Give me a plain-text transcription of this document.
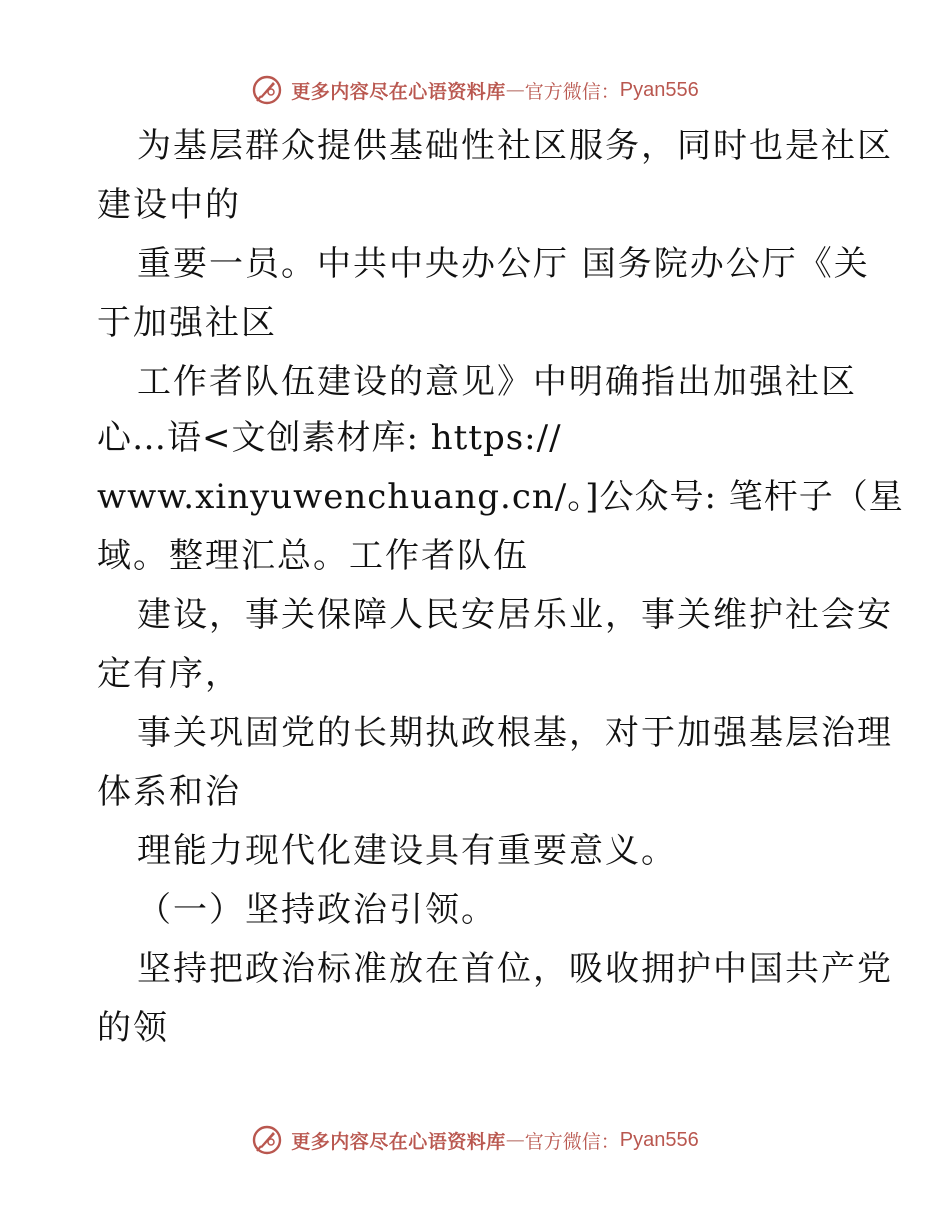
更多内容尽在心语资料库 — 官方微信： Pyan556
为基层群众提供基础性社区服务，同时也是社区
建设中的
重要一员。中共中央办公厅 国务院办公厅《关
于加强社区
工作者队伍建设的意见》中明确指出加强社区
心…语<文创素材库: https://
www.xinyuwenchuang.cn/。]公众号: 笔杆子（星
域。整理汇总。工作者队伍
建设，事关保障人民安居乐业，事关维护社会安
定有序，
事关巩固党的长期执政根基，对于加强基层治理
体系和治
理能力现代化建设具有重要意义。
（一）坚持政治引领。
坚持把政治标准放在首位，吸收拥护中国共产党
的领
更多内容尽在心语资料库 — 官方微信： Pyan556
